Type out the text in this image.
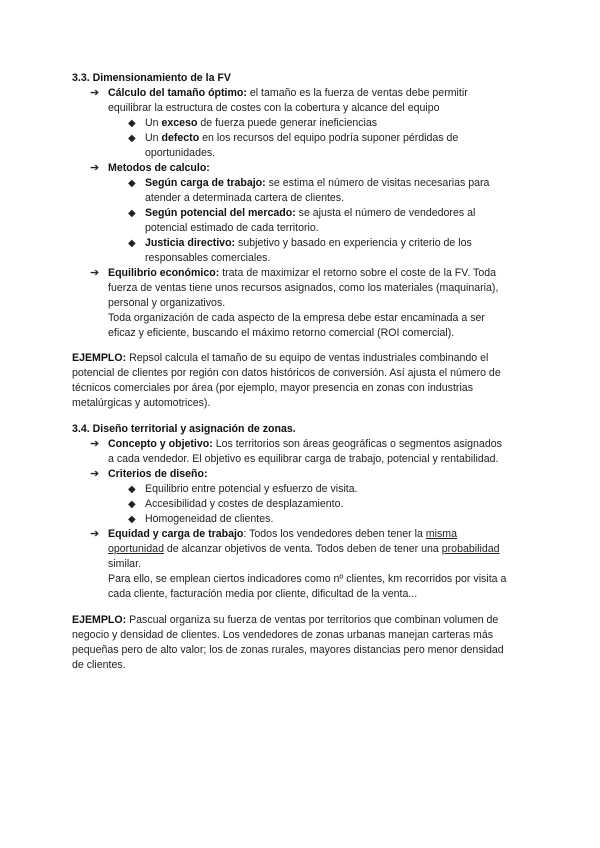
3.3. Dimensionamiento de la FV
➔ Cálculo del tamaño óptimo: el tamaño es la fuerza de ventas debe permitir
equilibrar la estructura de costes con la cobertura y alcance del equipo
◆ Un exceso de fuerza puede generar ineficiencias
◆ Un defecto en los recursos del equipo podría suponer pérdidas de
oportunidades.
➔ Metodos de calculo:
◆ Según carga de trabajo: se estima el número de visitas necesarias para
atender a determinada cartera de clientes.
◆ Según potencial del mercado: se ajusta el número de vendedores al
potencial estimado de cada territorio.
◆ Justicia directivo: subjetivo y basado en experiencia y criterio de los
responsables comerciales.
➔ Equilibrio económico: trata de maximizar el retorno sobre el coste de la FV. Toda
fuerza de ventas tiene unos recursos asignados, como los materiales (maquinaria),
personal y organizativos.
Toda organización de cada aspecto de la empresa debe estar encaminada a ser
eficaz y eficiente, buscando el máximo retorno comercial (ROI comercial).
EJEMPLO: Repsol calcula el tamaño de su equipo de ventas industriales combinando el
potencial de clientes por región con datos históricos de conversión. Así ajusta el número de
técnicos comerciales por área (por ejemplo, mayor presencia en zonas con industrias
metalúrgicas y automotrices).
3.4. Diseño territorial y asignación de zonas.
➔ Concepto y objetivo: Los territorios son áreas geográficas o segmentos asignados
a cada vendedor. El objetivo es equilibrar carga de trabajo, potencial y rentabilidad.
➔ Criterios de diseño:
◆ Equilibrio entre potencial y esfuerzo de visita.
◆ Accesibilidad y costes de desplazamiento.
◆ Homogeneidad de clientes.
➔ Equidad y carga de trabajo: Todos los vendedores deben tener la misma
oportunidad de alcanzar objetivos de venta. Todos deben de tener una probabilidad
similar.
Para ello, se emplean ciertos indicadores como nº clientes, km recorridos por visita a
cada cliente, facturación media por cliente, dificultad de la venta...
EJEMPLO: Pascual organiza su fuerza de ventas por territorios que combinan volumen de
negocio y densidad de clientes. Los vendedores de zonas urbanas manejan carteras más
pequeñas pero de alto valor; los de zonas rurales, mayores distancias pero menor densidad
de clientes.
